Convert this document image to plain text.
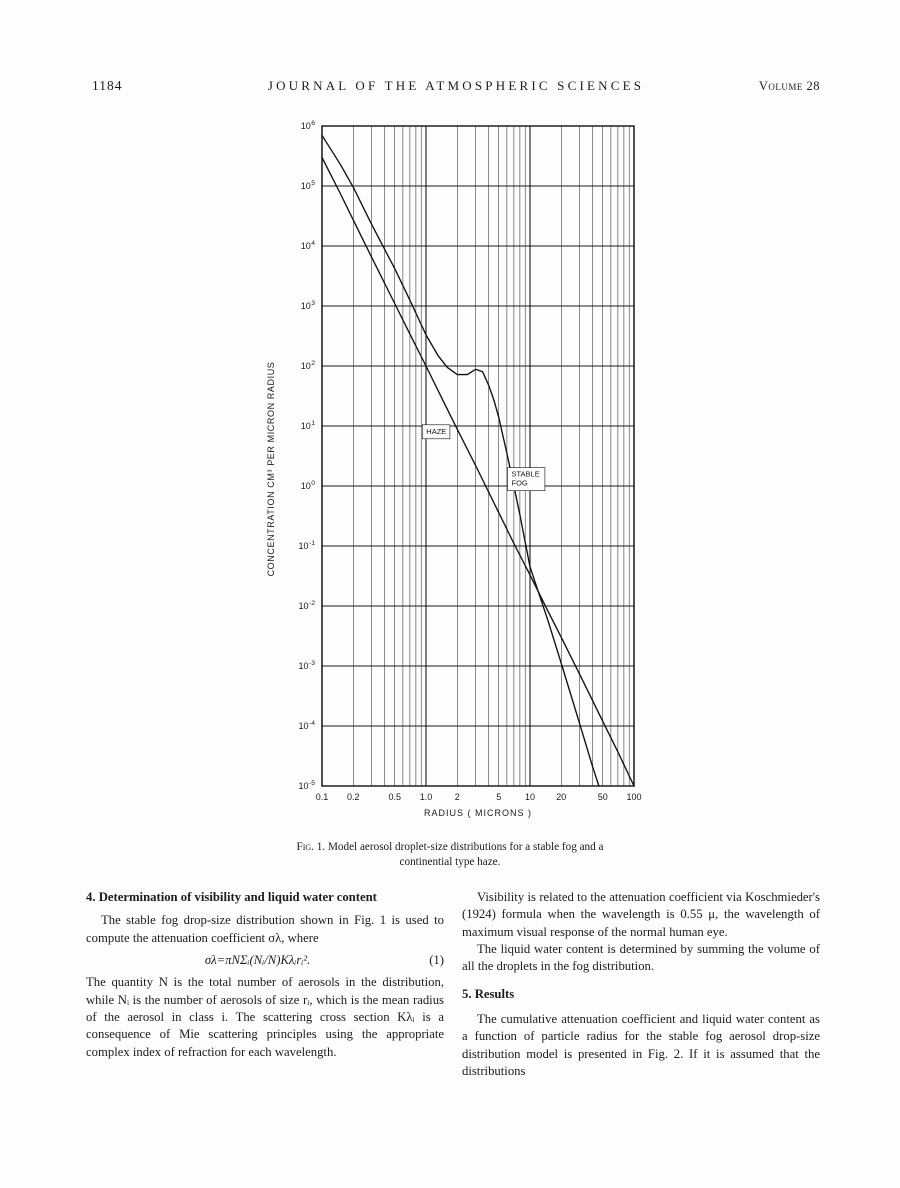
1184	JOURNAL OF THE ATMOSPHERIC SCIENCES	Volume 28
$10^6$
$10^5$
$10^4$
$10^3$
$10^2$
$10^1$
$10^0$
$10^{-1}$
$10^{-2}$
$10^{-3}$
$10^{-4}$
$10^{-5}$
0.1 0.2	0.5 1.0	2	5	10 20	50 100
RADIUS ( MICRONS )
CONCENTRATION CM³ PER MICRON RADIUS	HAZE
STABLE
FOG
Fig. 1. Model aerosol droplet-size distributions for a stable fog and a continential type haze.
4. Determination of visibility and liquid water content

The stable fog drop-size distribution shown in Fig. 1 is used to compute the attenuation coefficient σλ, where

σλ=πNΣᵢ(Nᵢ/N)Kλᵢrᵢ².	(1)

The quantity N is the total number of aerosols in the distribution, while Nᵢ is the number of aerosols of size rᵢ, which is the mean radius of the aerosol in class i. The scattering cross section Kλᵢ is a consequence of Mie scattering principles using the appropriate complex index of refraction for each wavelength.

Visibility is related to the attenuation coefficient via Koschmieder's (1924) formula when the wavelength is 0.55 μ, the wavelength of maximum visual response of the normal human eye.

The liquid water content is determined by summing the volume of all the droplets in the fog distribution.

5. Results

The cumulative attenuation coefficient and liquid water content as a function of particle radius for the stable fog aerosol drop-size distribution model is presented in Fig. 2. If it is assumed that the distributions
